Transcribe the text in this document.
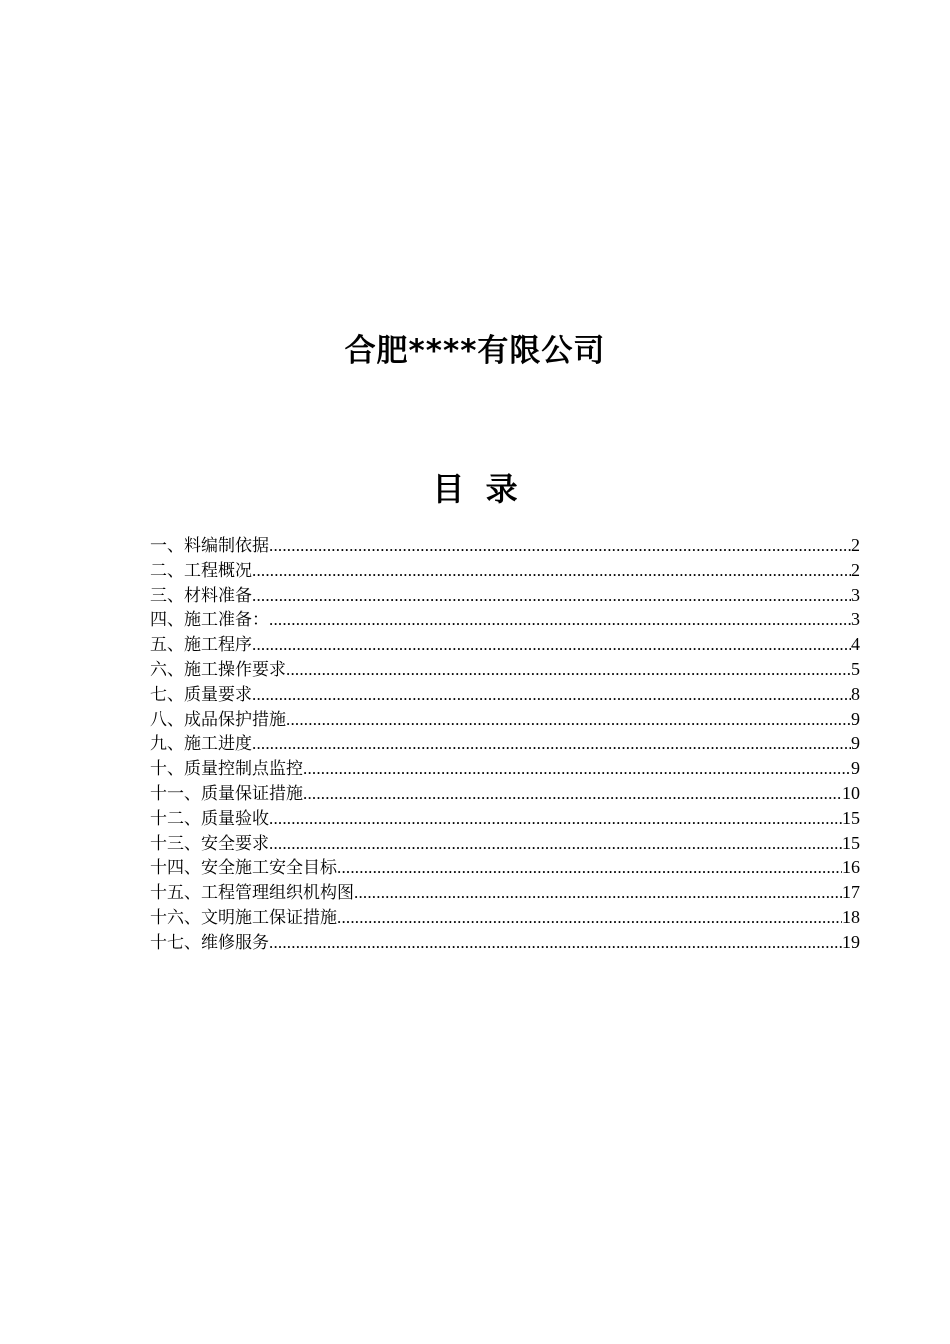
合肥****有限公司
目 录
一、料编制依据 .....	2
二、工程概况 .....	2
三、材料准备 .....	3
四、施工准备： .....	3
五、施工程序 .....	4
六、施工操作要求 .....	5
七、质量要求 .....	8
八、成品保护措施 .....	9
九、施工进度 .....	9
十、质量控制点监控 .....	9
十一、质量保证措施 .....	10
十二、质量验收 .....	15
十三、安全要求 .....	15
十四、安全施工安全目标 .....	16
十五、工程管理组织机构图 .....	17
十六、文明施工保证措施 .....	18
十七、维修服务 .....	19
